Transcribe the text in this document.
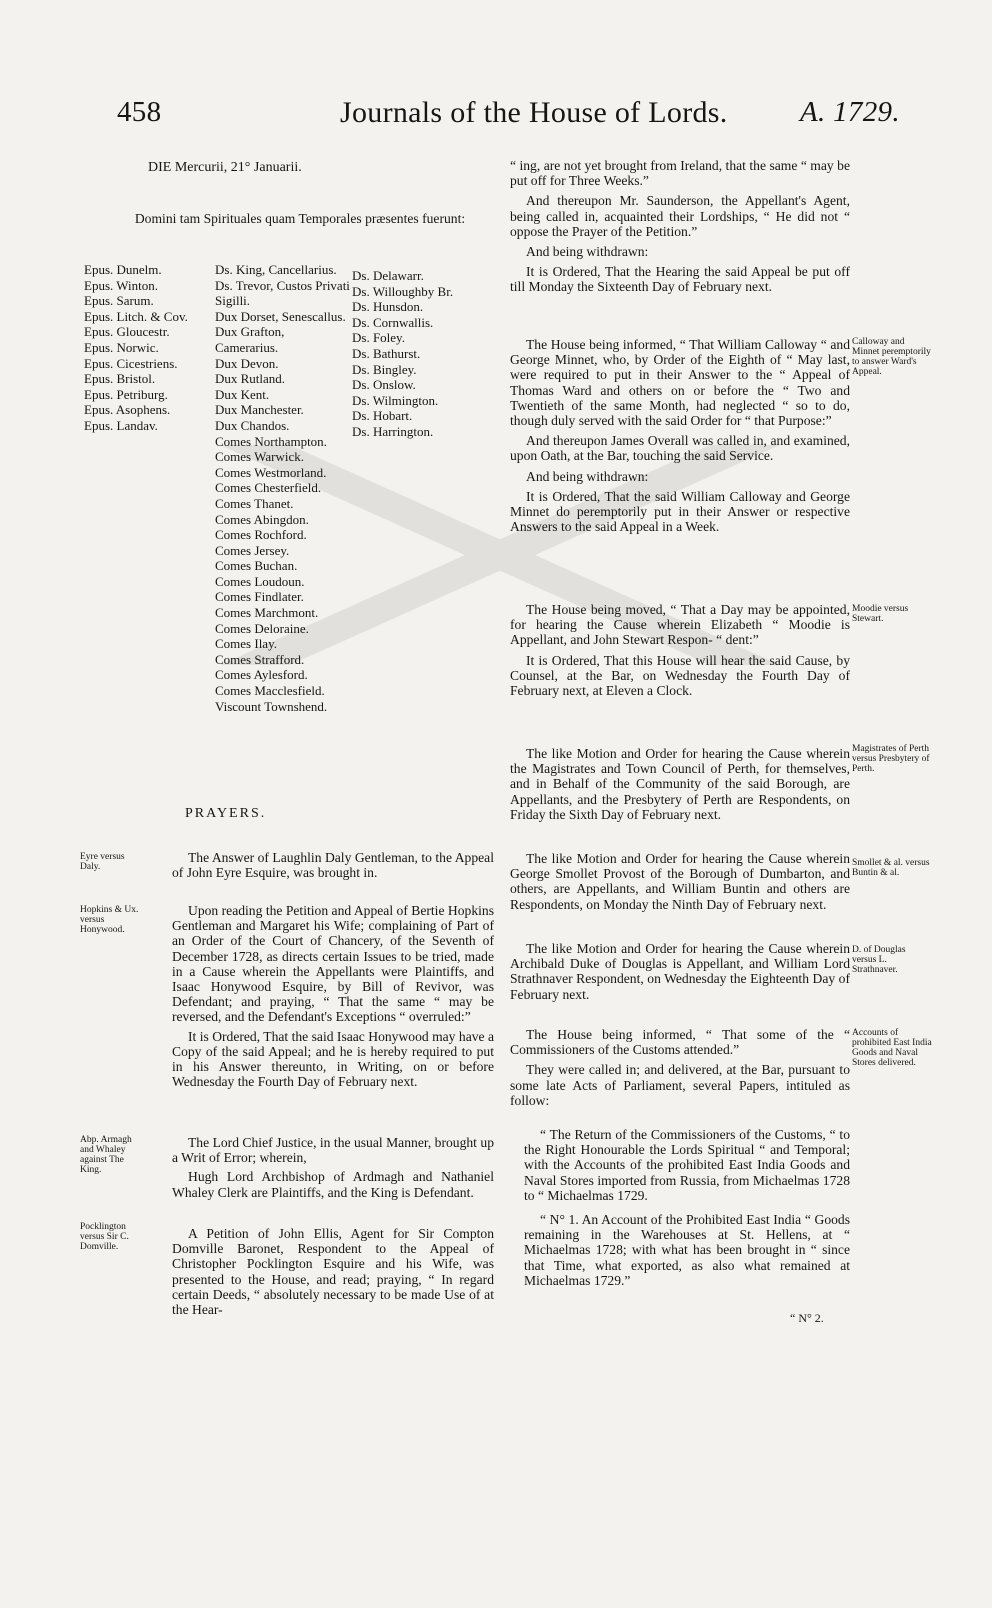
458	Journals of the House of Lords. A. 1729.
DIE Mercurii, 21° Januarii.
Domini tam Spirituales quam Temporales præsentes fuerunt:
Epus. Dunelm.
Epus. Winton.
Epus. Sarum.
Epus. Litch. & Cov.
Epus. Gloucestr.
Epus. Norwic.
Epus. Cicestriens.
Epus. Bristol.
Epus. Petriburg.
Epus. Asophens.
Epus. Landav.
Ds. King, Cancellarius.
Ds. Trevor, Custos Privati Sigilli.
Dux Dorset, Senescallus.
Dux Grafton, Camerarius.
Dux Devon.
Dux Rutland.
Dux Kent.
Dux Manchester.
Dux Chandos.
Comes Northampton.
Comes Warwick.
Comes Westmorland.
Comes Chesterfield.
Comes Thanet.
Comes Abingdon.
Comes Rochford.
Comes Jersey.
Comes Buchan.
Comes Loudoun.
Comes Findlater.
Comes Marchmont.
Comes Deloraine.
Comes Ilay.
Comes Strafford.
Comes Aylesford.
Comes Macclesfield.
Viscount Townshend.
Ds. Delawarr.
Ds. Willoughby Br.
Ds. Hunsdon.
Ds. Cornwallis.
Ds. Foley.
Ds. Bathurst.
Ds. Bingley.
Ds. Onslow.
Ds. Wilmington.
Ds. Hobart.
Ds. Harrington.
PRAYERS.
Eyre versus Daly.

The Answer of Laughlin Daly Gentleman, to the Appeal of John Eyre Esquire, was brought in.

Hopkins & Ux. versus Honywood.

Upon reading the Petition and Appeal of Bertie Hopkins Gentleman and Margaret his Wife; complaining of Part of an Order of the Court of Chancery, of the Seventh of December 1728, as directs certain Issues to be tried, made in a Cause wherein the Appellants were Plaintiffs, and Isaac Honywood Esquire, by Bill of Revivor, was Defendant; and praying, “ That the same “ may be reversed, and the Defendant's Exceptions “ overruled:”

It is Ordered, That the said Isaac Honywood may have a Copy of the said Appeal; and he is hereby required to put in his Answer thereunto, in Writing, on or before Wednesday the Fourth Day of February next.

Abp. Armagh and Whaley against The King.

The Lord Chief Justice, in the usual Manner, brought up a Writ of Error; wherein,

Hugh Lord Archbishop of Ardmagh and Nathaniel Whaley Clerk are Plaintiffs, and the King is Defendant.

Pocklington versus Sir C. Domville.

A Petition of John Ellis, Agent for Sir Compton Domville Baronet, Respondent to the Appeal of Christopher Pocklington Esquire and his Wife, was presented to the House, and read; praying, “ In regard certain Deeds, “ absolutely necessary to be made Use of at the Hear-

“ ing, are not yet brought from Ireland, that the same “ may be put off for Three Weeks.”

And thereupon Mr. Saunderson, the Appellant's Agent, being called in, acquainted their Lordships, “ He did not “ oppose the Prayer of the Petition.”

And being withdrawn:

It is Ordered, That the Hearing the said Appeal be put off till Monday the Sixteenth Day of February next.

Calloway and Minnet peremptorily to answer Ward's Appeal.

The House being informed, “ That William Calloway “ and George Minnet, who, by Order of the Eighth of “ May last, were required to put in their Answer to the “ Appeal of Thomas Ward and others on or before the “ Two and Twentieth of the same Month, had neglected “ so to do, though duly served with the said Order for “ that Purpose:”

And thereupon James Overall was called in, and examined, upon Oath, at the Bar, touching the said Service.

And being withdrawn:

It is Ordered, That the said William Calloway and George Minnet do peremptorily put in their Answer or respective Answers to the said Appeal in a Week.

Moodie versus Stewart.

The House being moved, “ That a Day may be appointed, for hearing the Cause wherein Elizabeth “ Moodie is Appellant, and John Stewart Respon- “ dent:”

It is Ordered, That this House will hear the said Cause, by Counsel, at the Bar, on Wednesday the Fourth Day of February next, at Eleven a Clock.

Magistrates of Perth versus Presbytery of Perth.

The like Motion and Order for hearing the Cause wherein the Magistrates and Town Council of Perth, for themselves, and in Behalf of the Community of the said Borough, are Appellants, and the Presbytery of Perth are Respondents, on Friday the Sixth Day of February next.

Smollet & al. versus Buntin & al.

The like Motion and Order for hearing the Cause wherein George Smollet Provost of the Borough of Dumbarton, and others, are Appellants, and William Buntin and others are Respondents, on Monday the Ninth Day of February next.

D. of Douglas versus L. Strathnaver.

The like Motion and Order for hearing the Cause wherein Archibald Duke of Douglas is Appellant, and William Lord Strathnaver Respondent, on Wednesday the Eighteenth Day of February next.

Accounts of prohibited East India Goods and Naval Stores delivered.

The House being informed, “ That some of the “ Commissioners of the Customs attended.”

They were called in; and delivered, at the Bar, pursuant to some late Acts of Parliament, several Papers, intituled as follow:

“ The Return of the Commissioners of the Customs, “ to the Right Honourable the Lords Spiritual “ and Temporal; with the Accounts of the prohibited East India Goods and Naval Stores imported from Russia, from Michaelmas 1728 to “ Michaelmas 1729.

“ N° 1. An Account of the Prohibited East India “ Goods remaining in the Warehouses at St. Hellens, at “ Michaelmas 1728; with what has been brought in “ since that Time, what exported, as also what remained at Michaelmas 1729.”

“ N° 2.
